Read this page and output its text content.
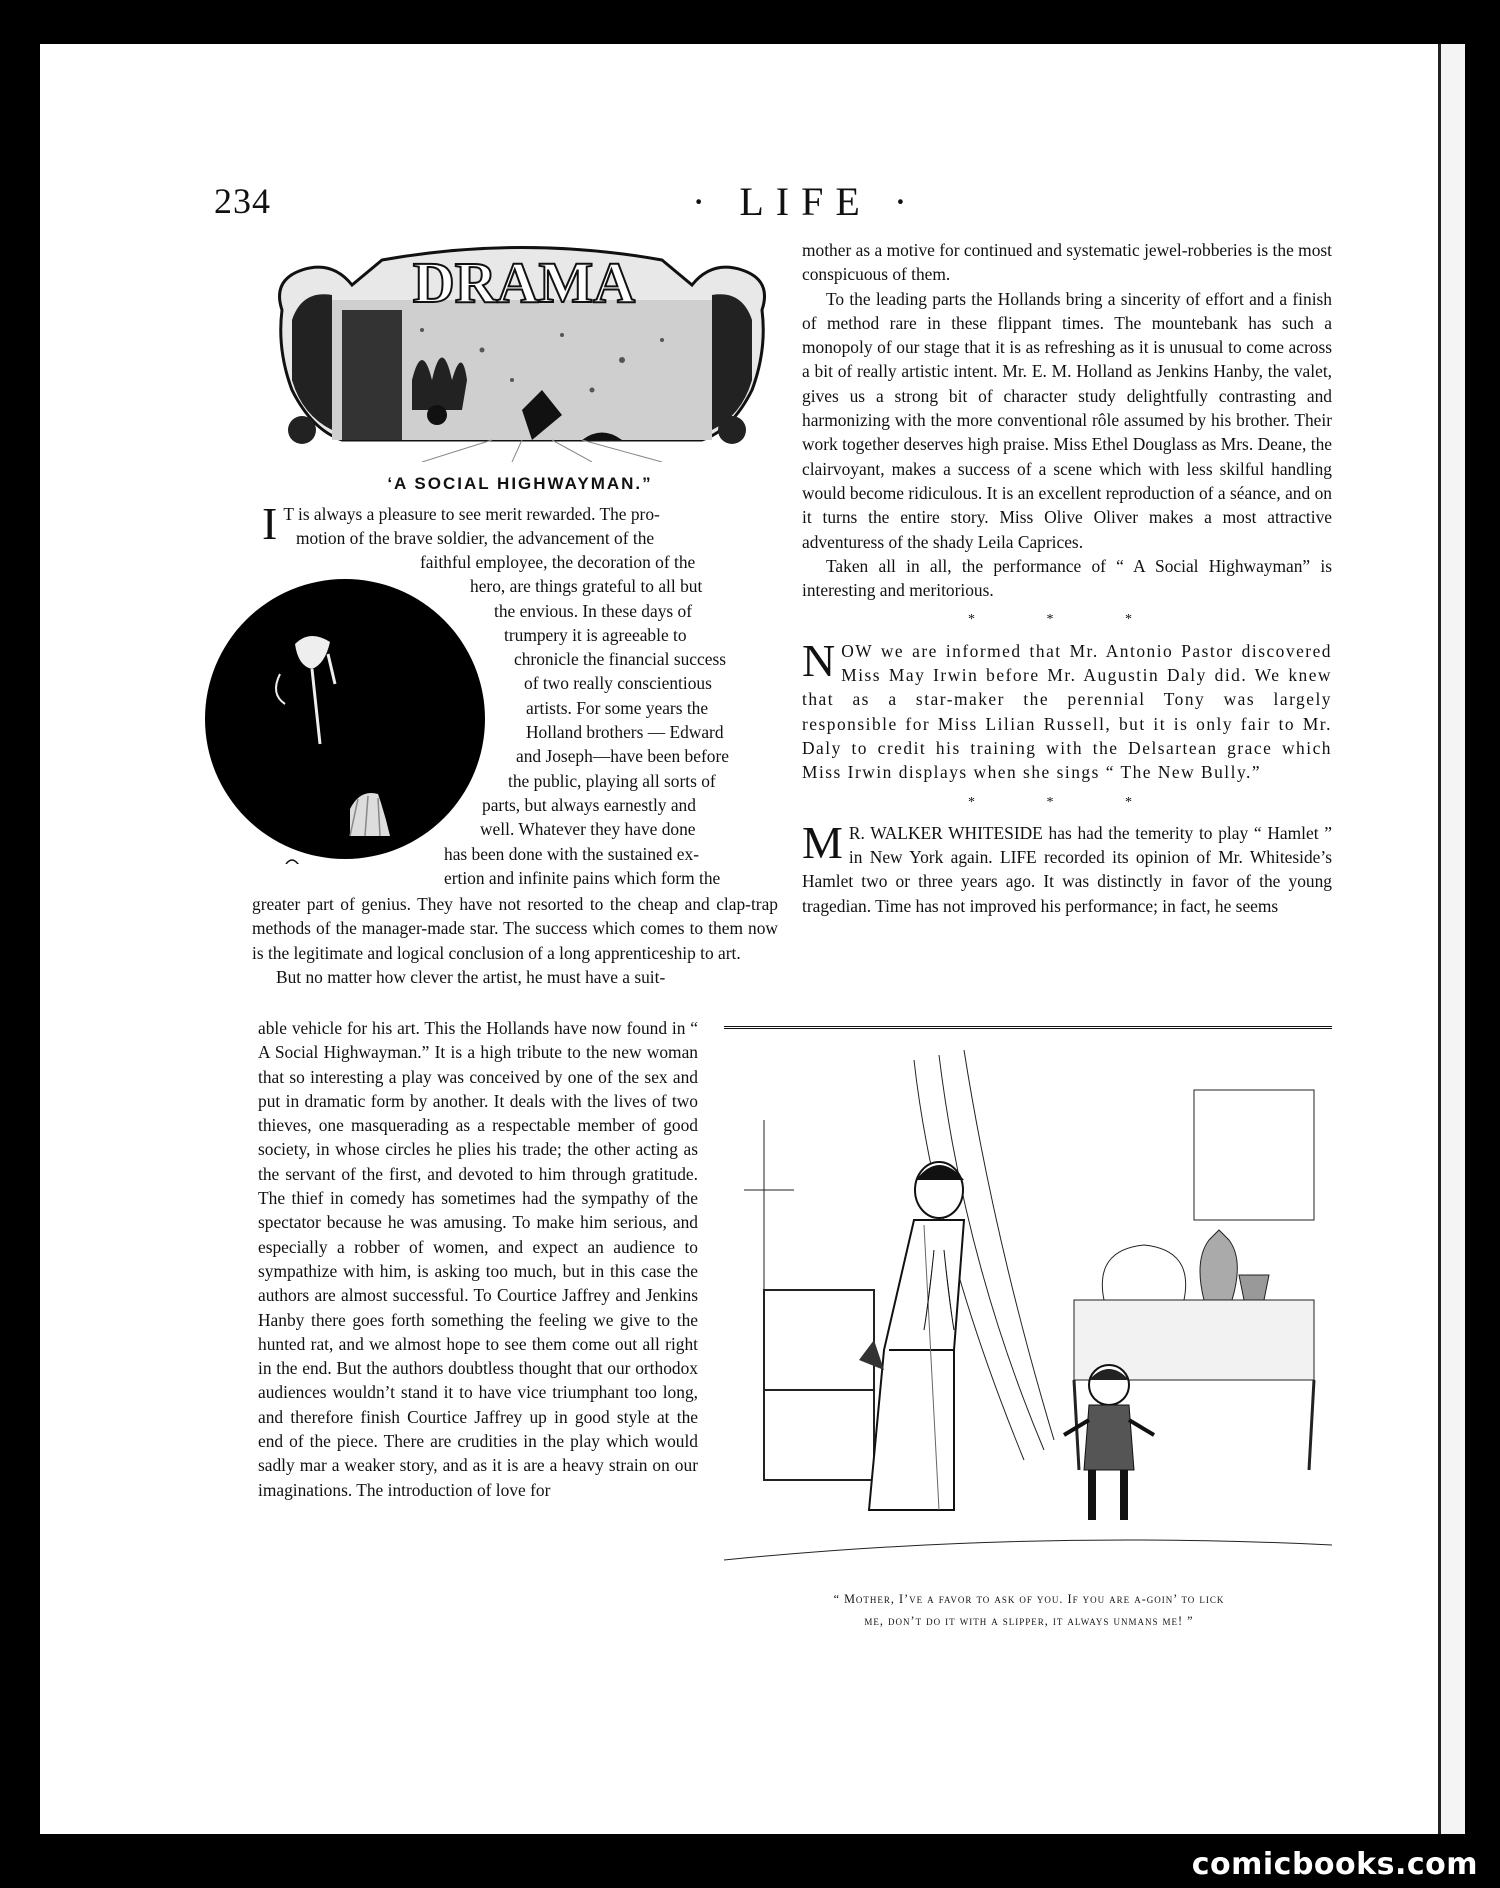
234	· LIFE ·
DRAMA
‘A SOCIAL HIGHWAYMAN.”
I T is always a pleasure to see merit rewarded. The pro-

motion of the brave soldier, the advancement of the

faithful employee, the decoration of the
hero, are things grateful to all but
the envious. In these days of
trumpery it is agreeable to
chronicle the financial success
of two really conscientious
artists. For some years the
Holland brothers — Edward
and Joseph—have been before
the public, playing all sorts of
parts, but always earnestly and
well. Whatever they have done
has been done with the sustained ex-
ertion and infinite pains which form the

greater part of genius. They have not resorted to the cheap and clap-trap methods of the manager-made star. The success which comes to them now is the legitimate and logical conclusion of a long apprenticeship to art.

But no matter how clever the artist, he must have a suit-

able vehicle for his art. This the Hollands have now found in “ A Social Highwayman.” It is a high tribute to the new woman that so interesting a play was conceived by one of the sex and put in dramatic form by another. It deals with the lives of two thieves, one masquerading as a respectable member of good society, in whose circles he plies his trade; the other acting as the servant of the first, and devoted to him through gratitude. The thief in comedy has sometimes had the sympathy of the spectator because he was amusing. To make him serious, and especially a robber of women, and expect an audience to sympathize with him, is asking too much, but in this case the authors are almost successful. To Courtice Jaffrey and Jenkins Hanby there goes forth something the feeling we give to the hunted rat, and we almost hope to see them come out all right in the end. But the authors doubtless thought that our orthodox audiences wouldn’t stand it to have vice triumphant too long, and therefore finish Courtice Jaffrey up in good style at the end of the piece. There are crudities in the play which would sadly mar a weaker story, and as it is are a heavy strain on our imaginations. The introduction of love for

mother as a motive for continued and systematic jewel-robberies is the most conspicuous of them.

To the leading parts the Hollands bring a sincerity of effort and a finish of method rare in these flippant times. The mountebank has such a monopoly of our stage that it is as refreshing as it is unusual to come across a bit of really artistic intent. Mr. E. M. Holland as Jenkins Hanby, the valet, gives us a strong bit of character study delightfully contrasting and harmonizing with the more conventional rôle assumed by his brother. Their work together deserves high praise. Miss Ethel Douglass as Mrs. Deane, the clairvoyant, makes a success of a scene which with less skilful handling would become ridiculous. It is an excellent reproduction of a séance, and on it turns the entire story. Miss Olive Oliver makes a most attractive adventuress of the shady Leila Caprices.

Taken all in all, the performance of “ A Social Highwayman” is interesting and meritorious.

* * *

NOW we are informed that Mr. Antonio Pastor discovered Miss May Irwin before Mr. Augustin Daly did. We knew that as a star-maker the perennial Tony was largely responsible for Miss Lilian Russell, but it is only fair to Mr. Daly to credit his training with the Delsartean grace which Miss Irwin displays when she sings “ The New Bully.”

* * *

M R. WALKER WHITESIDE has had the temerity to play “ Hamlet ” in New York again. LIFE recorded its opinion of Mr. Whiteside’s Hamlet two or three years ago. It was distinctly in favor of the young tragedian. Time has not improved his performance; in fact, he seems

“ Mother, I’ve a favor to ask of you. If you are a-goin’ to lick
me, don’t do it with a slipper, it always unmans me! ”
comicbooks.com
